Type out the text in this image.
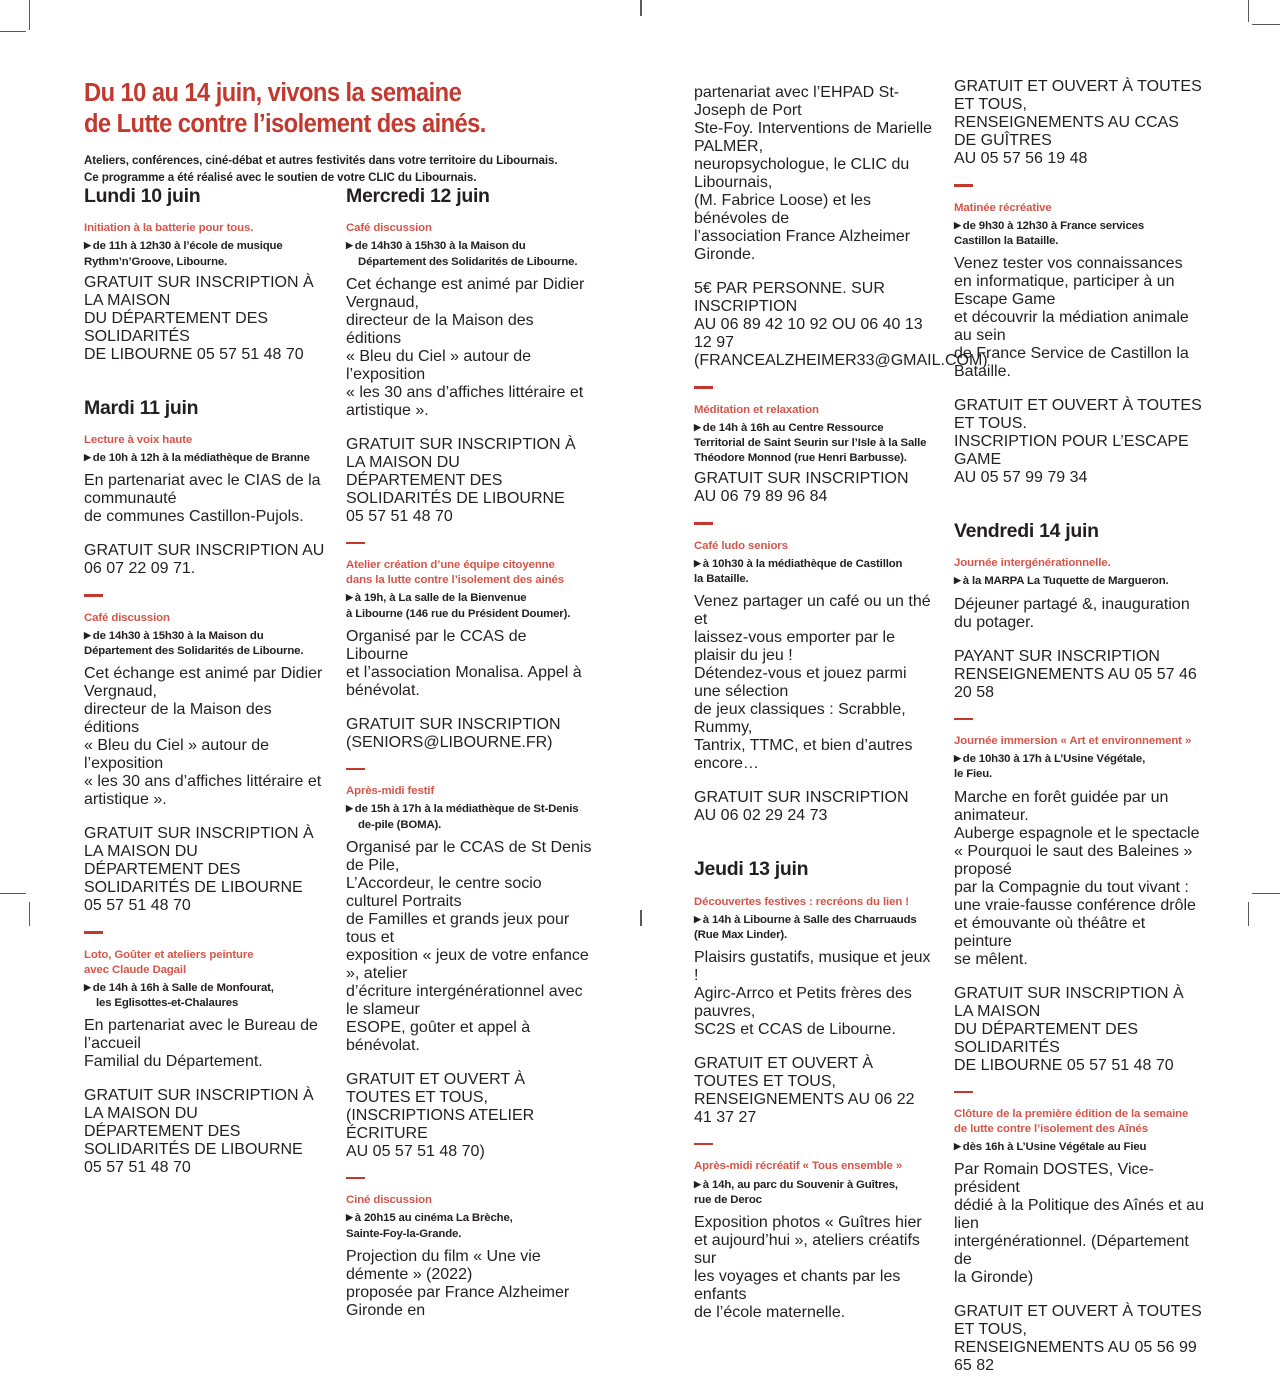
Du 10 au 14 juin, vivons la semaine
de Lutte contre l’isolement des ainés.
Ateliers, conférences, ciné-débat et autres festivités dans votre territoire du Libournais.
Ce programme a été réalisé avec le soutien de votre CLIC du Libournais.
Lundi 10 juin

Initiation à la batterie pour tous.

▶ de 11h à 12h30 à l’école de musique
Rythm’n’Groove, Libourne.

GRATUIT SUR INSCRIPTION À LA MAISON
DU DÉPARTEMENT DES SOLIDARITÉS
DE LIBOURNE 05 57 51 48 70

Mardi 11 juin

Lecture à voix haute

▶ de 10h à 12h à la médiathèque de Branne

En partenariat avec le CIAS de la communauté
de communes Castillon-Pujols.

GRATUIT SUR INSCRIPTION AU 06 07 22 09 71.

Café discussion

▶ de 14h30 à 15h30 à la Maison du
Département des Solidarités de Libourne.

Cet échange est animé par Didier Vergnaud,
directeur de la Maison des éditions
« Bleu du Ciel » autour de l’exposition
« les 30 ans d’affiches littéraire et artistique ».

GRATUIT SUR INSCRIPTION À LA MAISON DU
DÉPARTEMENT DES SOLIDARITÉS DE LIBOURNE
05 57 51 48 70

Loto, Goûter et ateliers peinture
avec Claude Dagail

▶ de 14h à 16h à Salle de Monfourat,
les Eglisottes-et-Chalaures

En partenariat avec le Bureau de l’accueil
Familial du Département.

GRATUIT SUR INSCRIPTION À LA MAISON DU
DÉPARTEMENT DES SOLIDARITÉS DE LIBOURNE
05 57 51 48 70

Mercredi 12 juin

Café discussion

▶ de 14h30 à 15h30 à la Maison du
Département des Solidarités de Libourne.

Cet échange est animé par Didier Vergnaud,
directeur de la Maison des éditions
« Bleu du Ciel » autour de l’exposition
« les 30 ans d’affiches littéraire et artistique ».

GRATUIT SUR INSCRIPTION À LA MAISON DU
DÉPARTEMENT DES SOLIDARITÉS DE LIBOURNE
05 57 51 48 70

Atelier création d’une équipe citoyenne
dans la lutte contre l’isolement des ainés

▶ à 19h, à La salle de la Bienvenue
à Libourne (146 rue du Président Doumer).

Organisé par le CCAS de Libourne
et l’association Monalisa. Appel à bénévolat.

GRATUIT SUR INSCRIPTION
(SENIORS@LIBOURNE.FR)

Après-midi festif

▶ de 15h à 17h à la médiathèque de St-Denis
de-pile (BOMA).

Organisé par le CCAS de St Denis de Pile,
L’Accordeur, le centre socio culturel Portraits
de Familles et grands jeux pour tous et
exposition « jeux de votre enfance », atelier
d’écriture intergénérationnel avec le slameur
ESOPE, goûter et appel à bénévolat.

GRATUIT ET OUVERT À TOUTES ET TOUS,
(INSCRIPTIONS ATELIER ÉCRITURE
AU 05 57 51 48 70)

Ciné discussion

▶ à 20h15 au cinéma La Brèche,
Sainte-Foy-la-Grande.

Projection du film « Une vie démente » (2022)
proposée par France Alzheimer Gironde en

partenariat avec l’EHPAD St-Joseph de Port
Ste-Foy. Interventions de Marielle PALMER,
neuropsychologue, le CLIC du Libournais,
(M. Fabrice Loose) et les bénévoles de
l’association France Alzheimer Gironde.

5€ PAR PERSONNE. SUR INSCRIPTION
AU 06 89 42 10 92 OU 06 40 13 12 97
(FRANCEALZHEIMER33@GMAIL.COM)

Méditation et relaxation

▶ de 14h à 16h au Centre Ressource
Territorial de Saint Seurin sur l’Isle à la Salle
Théodore Monnod (rue Henri Barbusse).

GRATUIT SUR INSCRIPTION
AU 06 79 89 96 84

Café ludo seniors

▶ à 10h30 à la médiathèque de Castillon
la Bataille.

Venez partager un café ou un thé et
laissez-vous emporter par le plaisir du jeu !
Détendez-vous et jouez parmi une sélection
de jeux classiques : Scrabble, Rummy,
Tantrix, TTMC, et bien d’autres encore…

GRATUIT SUR INSCRIPTION AU 06 02 29 24 73

Jeudi 13 juin

Découvertes festives : recréons du lien !

▶ à 14h à Libourne à Salle des Charruauds
(Rue Max Linder).

Plaisirs gustatifs, musique et jeux !
Agirc-Arrco et Petits frères des pauvres,
SC2S et CCAS de Libourne.

GRATUIT ET OUVERT À TOUTES ET TOUS,
RENSEIGNEMENTS AU 06 22 41 37 27

Après-midi récréatif « Tous ensemble »

▶ à 14h, au parc du Souvenir à Guîtres,
rue de Deroc

Exposition photos « Guîtres hier
et aujourd’hui », ateliers créatifs sur
les voyages et chants par les enfants
de l’école maternelle.

GRATUIT ET OUVERT À TOUTES ET TOUS,
RENSEIGNEMENTS AU CCAS DE GUÎTRES
AU 05 57 56 19 48

Matinée récréative

▶ de 9h30 à 12h30 à France services
Castillon la Bataille.

Venez tester vos connaissances
en informatique, participer à un Escape Game
et découvrir la médiation animale au sein
de France Service de Castillon la Bataille.

GRATUIT ET OUVERT À TOUTES ET TOUS.
INSCRIPTION POUR L’ESCAPE GAME
AU 05 57 99 79 34

Vendredi 14 juin

Journée intergénérationnelle.

▶ à la MARPA La Tuquette de Margueron.

Déjeuner partagé &, inauguration du potager.

PAYANT SUR INSCRIPTION
RENSEIGNEMENTS AU 05 57 46 20 58

Journée immersion « Art et environnement »

▶ de 10h30 à 17h à L’Usine Végétale,
le Fieu.

Marche en forêt guidée par un animateur.
Auberge espagnole et le spectacle
« Pourquoi le saut des Baleines » proposé
par la Compagnie du tout vivant :
une vraie-fausse conférence drôle
et émouvante où théâtre et peinture
se mêlent.

GRATUIT SUR INSCRIPTION À LA MAISON
DU DÉPARTEMENT DES SOLIDARITÉS
DE LIBOURNE 05 57 51 48 70

Clôture de la première édition de la semaine
de lutte contre l’isolement des Aînés

▶ dès 16h à L’Usine Végétale au Fieu

Par Romain DOSTES, Vice-président
dédié à la Politique des Aînés et au lien
intergénérationnel. (Département de
la Gironde)

GRATUIT ET OUVERT À TOUTES ET TOUS,
RENSEIGNEMENTS AU 05 56 99 65 82
